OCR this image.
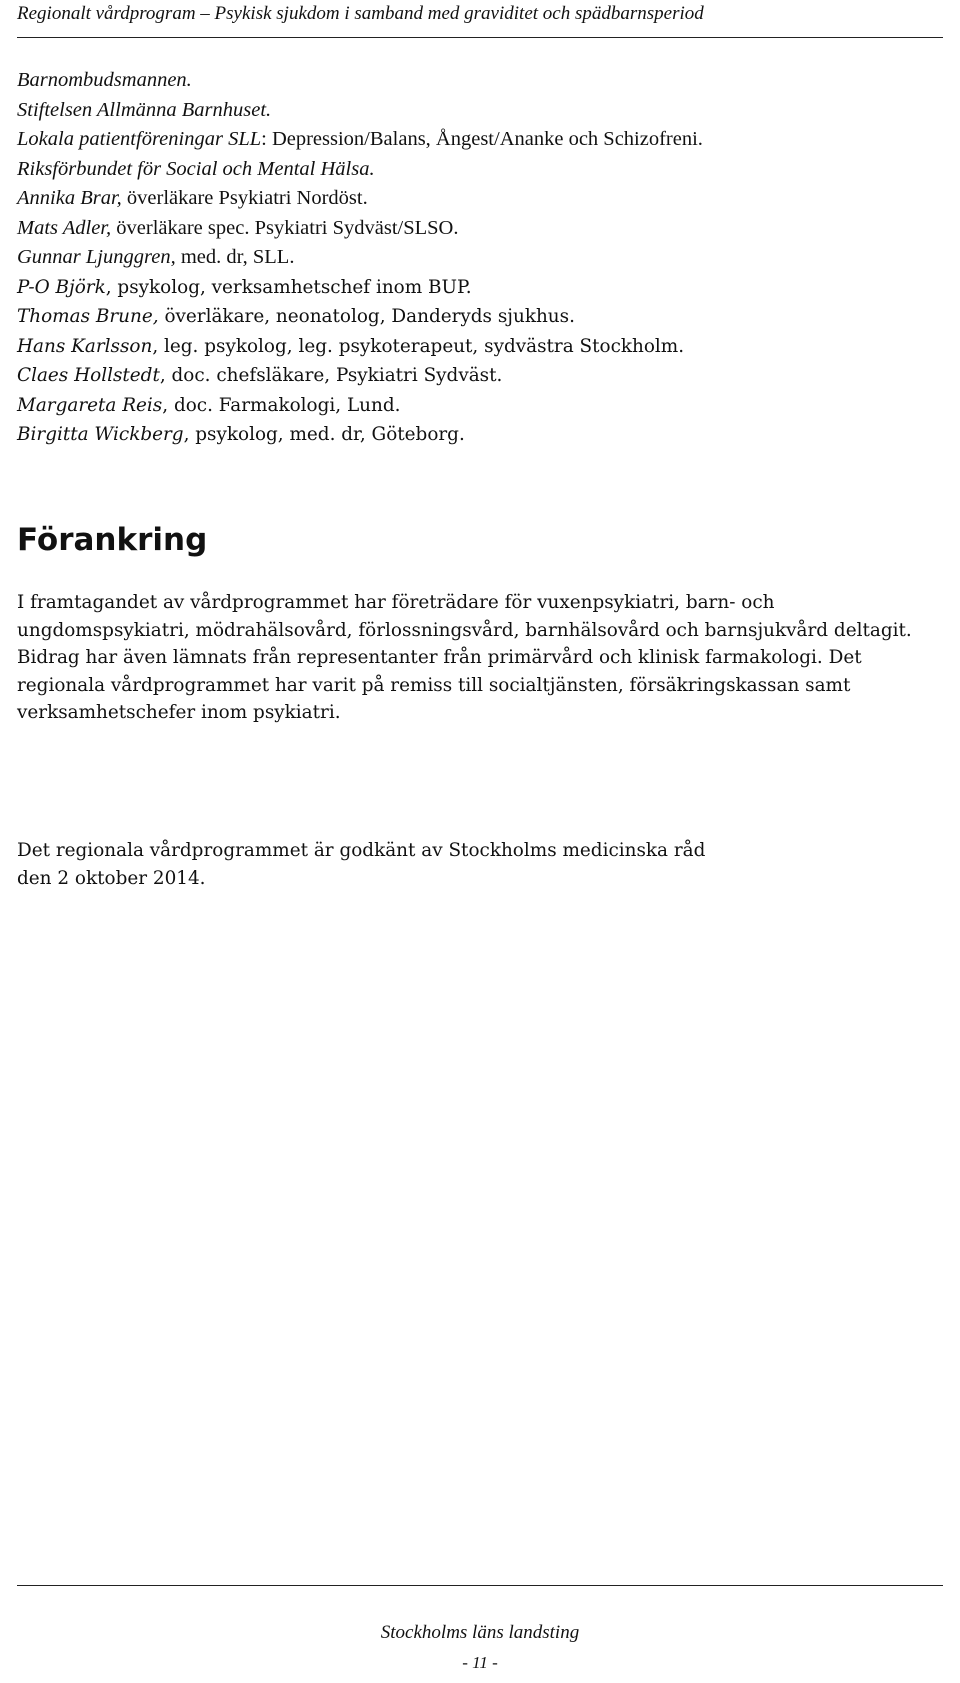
Regionalt vårdprogram – Psykisk sjukdom i samband med graviditet och spädbarnsperiod
Barnombudsmannen.
Stiftelsen Allmänna Barnhuset.
Lokala patientföreningar SLL: Depression/Balans, Ångest/Ananke och Schizofreni.
Riksförbundet för Social och Mental Hälsa.
Annika Brar, överläkare Psykiatri Nordöst.
Mats Adler, överläkare spec. Psykiatri Sydväst/SLSO.
Gunnar Ljunggren, med. dr, SLL.
P-O Björk, psykolog, verksamhetschef inom BUP.
Thomas Brune, överläkare, neonatolog, Danderyds sjukhus.
Hans Karlsson, leg. psykolog, leg. psykoterapeut, sydvästra Stockholm.
Claes Hollstedt, doc. chefsläkare, Psykiatri Sydväst.
Margareta Reis, doc. Farmakologi, Lund.
Birgitta Wickberg, psykolog, med. dr, Göteborg.
Förankring

I framtagandet av vårdprogrammet har företrädare för vuxenpsykiatri, barn- och ungdomspsykiatri, mödrahälsovård, förlossningsvård, barnhälsovård och barnsjukvård deltagit. Bidrag har även lämnats från representanter från primärvård och klinisk farmakologi. Det regionala vårdprogrammet har varit på remiss till socialtjänsten, försäkringskassan samt verksamhetschefer inom psykiatri.

Det regionala vårdprogrammet är godkänt av Stockholms medicinska råd
den 2 oktober 2014.

Stockholms läns landsting
- 11 -
